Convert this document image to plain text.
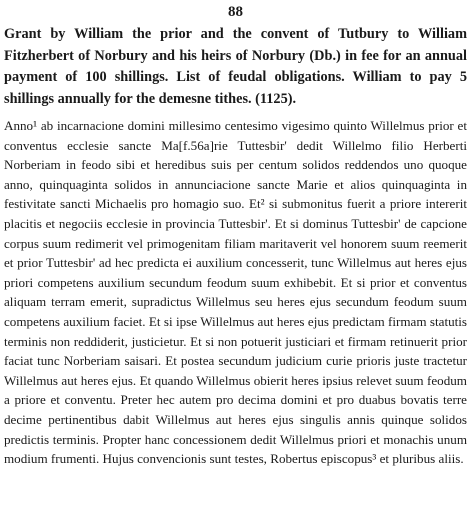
88

Grant by William the prior and the convent of Tutbury to William Fitzherbert of Norbury and his heirs of Norbury (Db.) in fee for an annual payment of 100 shillings. List of feudal obligations. William to pay 5 shillings annually for the demesne tithes. (1125).

Anno¹ ab incarnacione domini millesimo centesimo vigesimo quinto Willelmus prior et conventus ecclesie sancte Ma[f.56a]rie Tuttesbir' dedit Willelmo filio Herberti Norberiam in feodo sibi et heredibus suis per centum solidos reddendos uno quoque anno, quinquaginta solidos in annunciacione sancte Marie et alios quinquaginta in festivitate sancti Michaelis pro homagio suo. Et² si submonitus fuerit a priore intererit placitis et negociis ecclesie in provincia Tuttesbir'. Et si dominus Tuttesbir' de capcione corpus suum redimerit vel primogenitam filiam maritaverit vel honorem suum reemerit et prior Tuttesbir' ad hec predicta ei auxilium concesserit, tunc Willelmus aut heres ejus priori competens auxilium secundum feodum suum exhibebit. Et si prior et conventus aliquam terram emerit, supradictus Willelmus seu heres ejus secundum feodum suum competens auxilium faciet. Et si ipse Willelmus aut heres ejus predictam firmam statutis terminis non reddiderit, justicietur. Et si non potuerit justiciari et firmam retinuerit prior faciat tunc Norberiam saisari. Et postea secundum judicium curie prioris juste tractetur Willelmus aut heres ejus. Et quando Willelmus obierit heres ipsius relevet suum feodum a priore et conventu. Preter hec autem pro decima domini et pro duabus bovatis terre decime pertinentibus dabit Willelmus aut heres ejus singulis annis quinque solidos predictis terminis. Propter hanc concessionem dedit Willelmus priori et monachis unum modium frumenti. Hujus convencionis sunt testes, Robertus episcopus³ et pluribus aliis.
